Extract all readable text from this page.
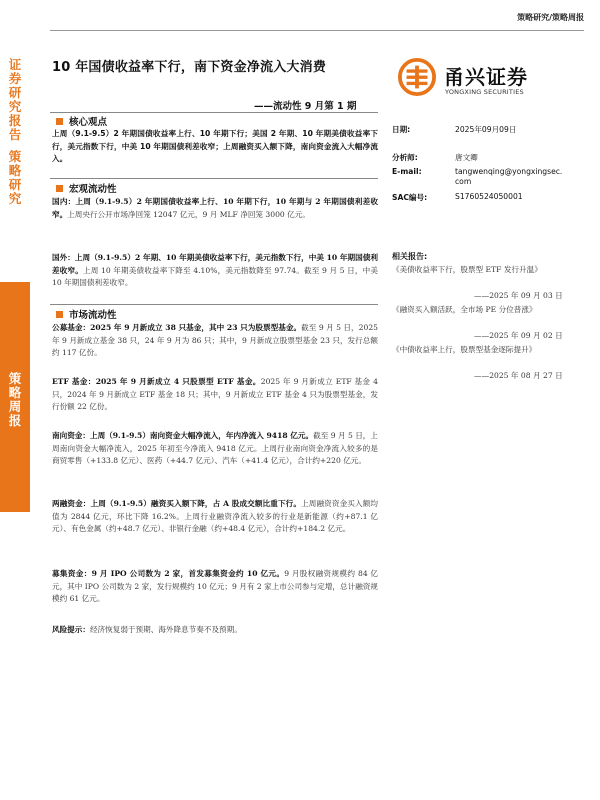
证券研究报告
策略研究
策略周报
策略研究/策略周报
10 年国债收益率下行，南下资金净流入大消费
——流动性 9 月第 1 期
甬兴证券
YONGXING SECURITIES
核心观点
上周（9.1-9.5）2 年期国债收益率上行、10 年期下行；美国 2 年期、10 年期美债收益率下行，美元指数下行，中美 10 年期国债利差收窄；上周融资买入额下降，南向资金流入大幅净流入。
宏观流动性
国内：上周（9.1-9.5）2 年期国债收益率上行、10 年期下行，10 年期与 2 年期国债利差收窄。上周央行公开市场净回笼 12047 亿元，9 月 MLF 净回笼 3000 亿元。
国外：上周（9.1-9.5）2 年期、10 年期美债收益率下行，美元指数下行，中美 10 年期国债利差收窄。上周 10 年期美债收益率下降至 4.10%，美元指数降至 97.74。截至 9 月 5 日，中美 10 年期国债利差收窄。
市场流动性
公募基金：2025 年 9 月新成立 38 只基金，其中 23 只为股票型基金。截至 9 月 5 日，2025 年 9 月新成立基金 38 只，24 年 9 月为 86 只；其中，9 月新成立股票型基金 23 只，发行总额约 117 亿份。
ETF 基金：2025 年 9 月新成立 4 只股票型 ETF 基金。2025 年 9 月新成立 ETF 基金 4 只，2024 年 9 月新成立 ETF 基金 18 只；其中，9 月新成立 ETF 基金 4 只为股票型基金，发行份额 22 亿份。
南向资金：上周（9.1-9.5）南向资金大幅净流入，年内净流入 9418 亿元。截至 9 月 5 日，上周南向资金大幅净流入，2025 年初至今净流入 9418 亿元。上周行业南向资金净流入较多的是商贸零售（+133.8 亿元）、医药（+44.7 亿元）、汽车（+41.4 亿元），合计约+220 亿元。
两融资金：上周（9.1-9.5）融资买入额下降，占 A 股成交额比重下行。上周融资资金买入额均值为 2844 亿元，环比下降 16.2%。上周行业融资净流入较多的行业是新能源（约+87.1 亿元）、有色金属（约+48.7 亿元）、非银行金融（约+48.4 亿元），合计约+184.2 亿元。
募集资金：9 月 IPO 公司数为 2 家，首发募集资金约 10 亿元。9 月股权融资规模约 84 亿元，其中 IPO 公司数为 2 家，发行规模约 10 亿元；9 月有 2 家上市公司参与定增，总计融资规模约 61 亿元。
风险提示：经济恢复弱于预期、海外降息节奏不及预期。
日期:	2025年09月09日
分析师:	唐文卿
E-mail:	tangwenqing@yongxingsec.com
SAC编号:	S1760524050001
相关报告:
《美债收益率下行，股票型 ETF 发行升温》
——2025 年 09 月 03 日
《融资买入额活跃，全市场 PE 分位普涨》
——2025 年 09 月 02 日
《中债收益率上行，股票型基金逐际提升》
——2025 年 08 月 27 日
